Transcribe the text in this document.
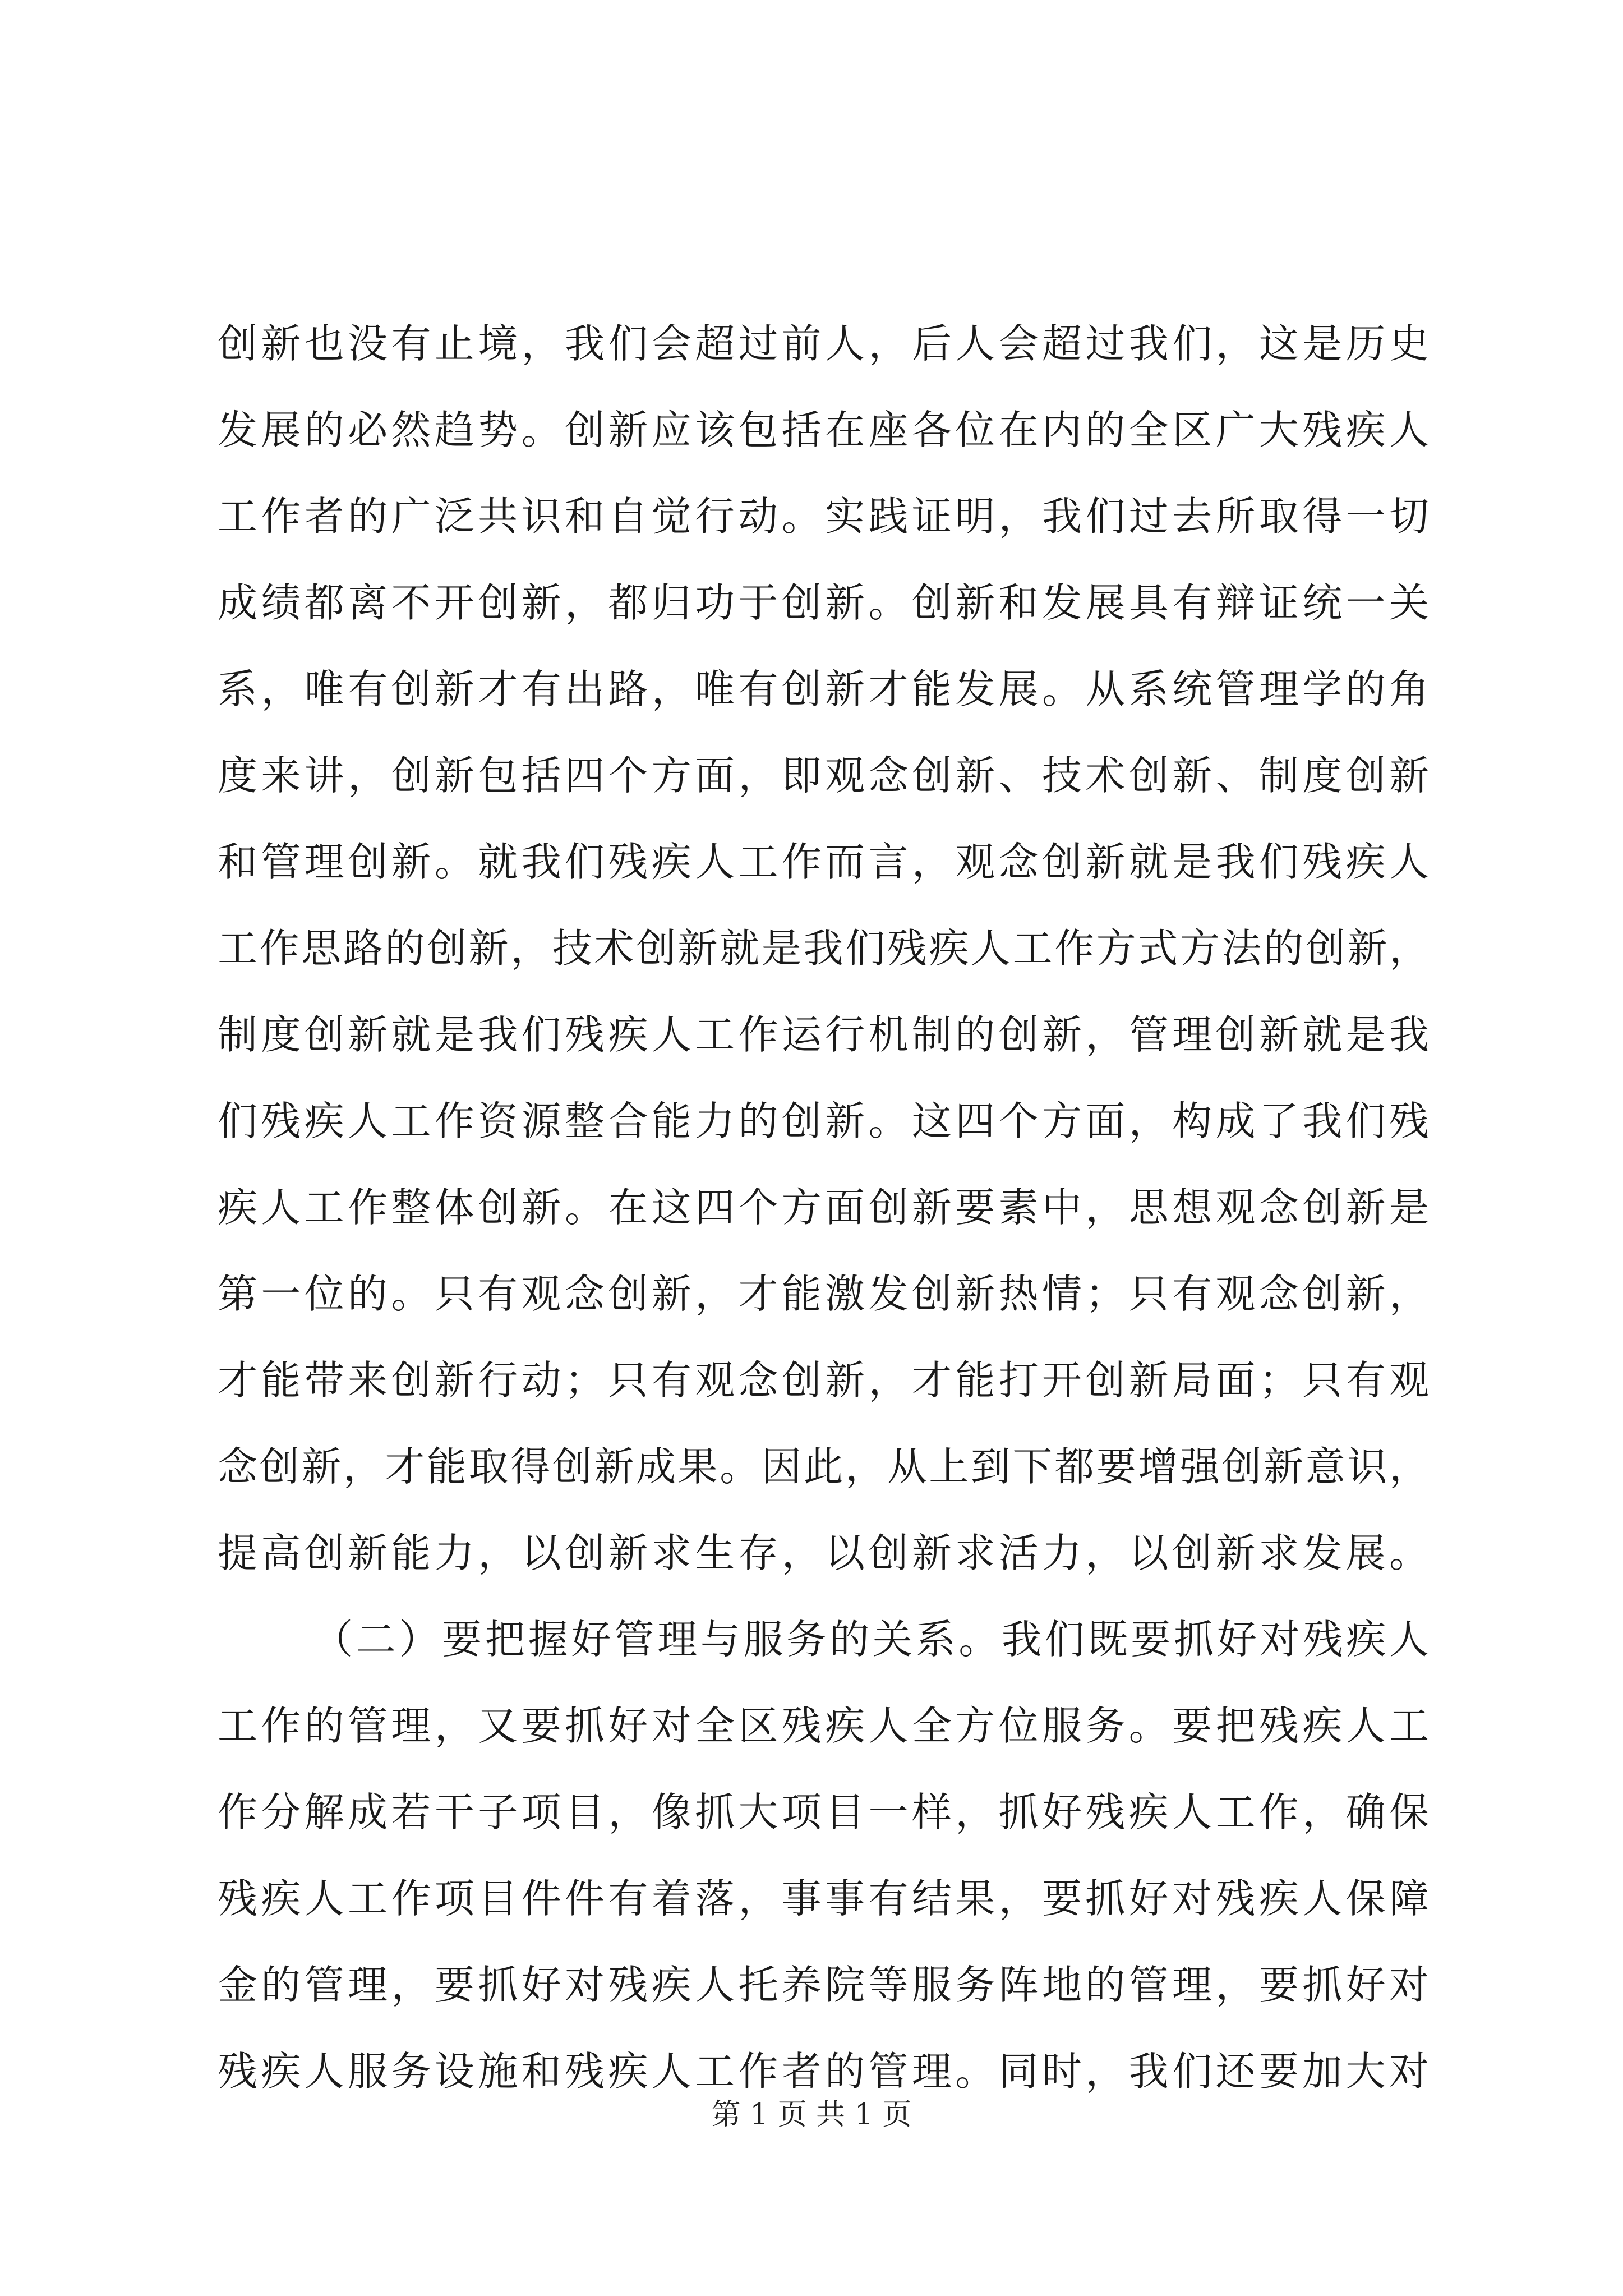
创新也没有止境，我们会超过前人，后人会超过我们，这是历史
发展的必然趋势。创新应该包括在座各位在内的全区广大残疾人
工作者的广泛共识和自觉行动。实践证明，我们过去所取得一切
成绩都离不开创新，都归功于创新。创新和发展具有辩证统一关
系，唯有创新才有出路，唯有创新才能发展。从系统管理学的角
度来讲，创新包括四个方面，即观念创新、技术创新、制度创新
和管理创新。就我们残疾人工作而言，观念创新就是我们残疾人
工作思路的创新，技术创新就是我们残疾人工作方式方法的创新，
制度创新就是我们残疾人工作运行机制的创新，管理创新就是我
们残疾人工作资源整合能力的创新。这四个方面，构成了我们残
疾人工作整体创新。在这四个方面创新要素中，思想观念创新是
第一位的。只有观念创新，才能激发创新热情；只有观念创新，
才能带来创新行动；只有观念创新，才能打开创新局面；只有观
念创新，才能取得创新成果。因此，从上到下都要增强创新意识，
提高创新能力，以创新求生存，以创新求活力，以创新求发展。
（二）要把握好管理与服务的关系。我们既要抓好对残疾人
工作的管理，又要抓好对全区残疾人全方位服务。要把残疾人工
作分解成若干子项目，像抓大项目一样，抓好残疾人工作，确保
残疾人工作项目件件有着落，事事有结果，要抓好对残疾人保障
金的管理，要抓好对残疾人托养院等服务阵地的管理，要抓好对
残疾人服务设施和残疾人工作者的管理。同时，我们还要加大对
第 1 页 共 1 页
